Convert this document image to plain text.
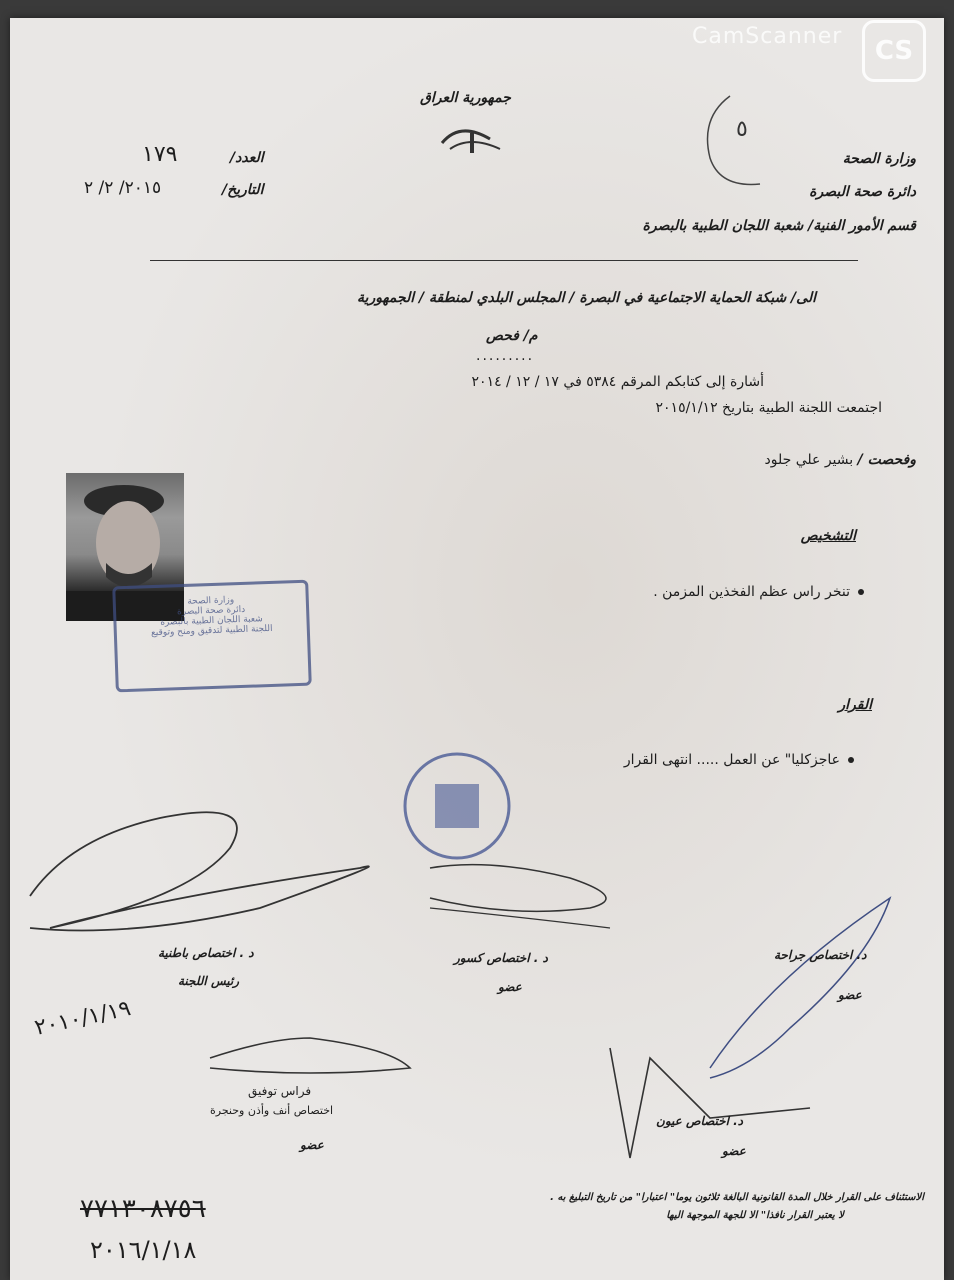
CamScanner	CS
جمهورية العراق
وزارة الصحة
دائرة صحة البصرة
قسم الأمور الفنية/ شعبة اللجان الطبية بالبصرة
العدد/
١٧٩
التاريخ/
٢٠١٥/ ٢/ ٢
٥
الى/ شبكة الحماية الاجتماعية في البصرة / المجلس البلدي لمنطقة / الجمهورية
م/ فحص
.........
أشارة إلى كتابكم المرقم ٥٣٨٤ في ١٧ / ١٢ / ٢٠١٤
اجتمعت اللجنة الطبية بتاريخ ٢٠١٥/١/١٢
وفحصت / بشير علي جلود
وزارة الصحة
دائرة صحة البصرة
شعبة اللجان الطبية بالبصرة
اللجنة الطبية لتدقيق ومنح وتوقيع
التشخيص
تنخر راس عظم الفخذين المزمن .
القرار
عاجزكليا" عن العمل ..... انتهى القرار
د . اختصاص باطنية
رئيس اللجنة
د . اختصاص كسور
عضو
د. اختصاص جراحة
عضو
د. اختصاص عيون
عضو
فراس توفيق
اختصاص أنف وأذن وحنجرة
عضو
٢٠١٠/١/١٩
الاستئناف على القرار خلال المدة القانونية البالغة ثلاثون يوما" اعتبارا" من تاريخ التبليغ به .
لا يعتبر القرار نافذا" الا للجهة الموجهة اليها
٧٧١٣٠٨٧٥٦
٢٠١٦/١/١٨
